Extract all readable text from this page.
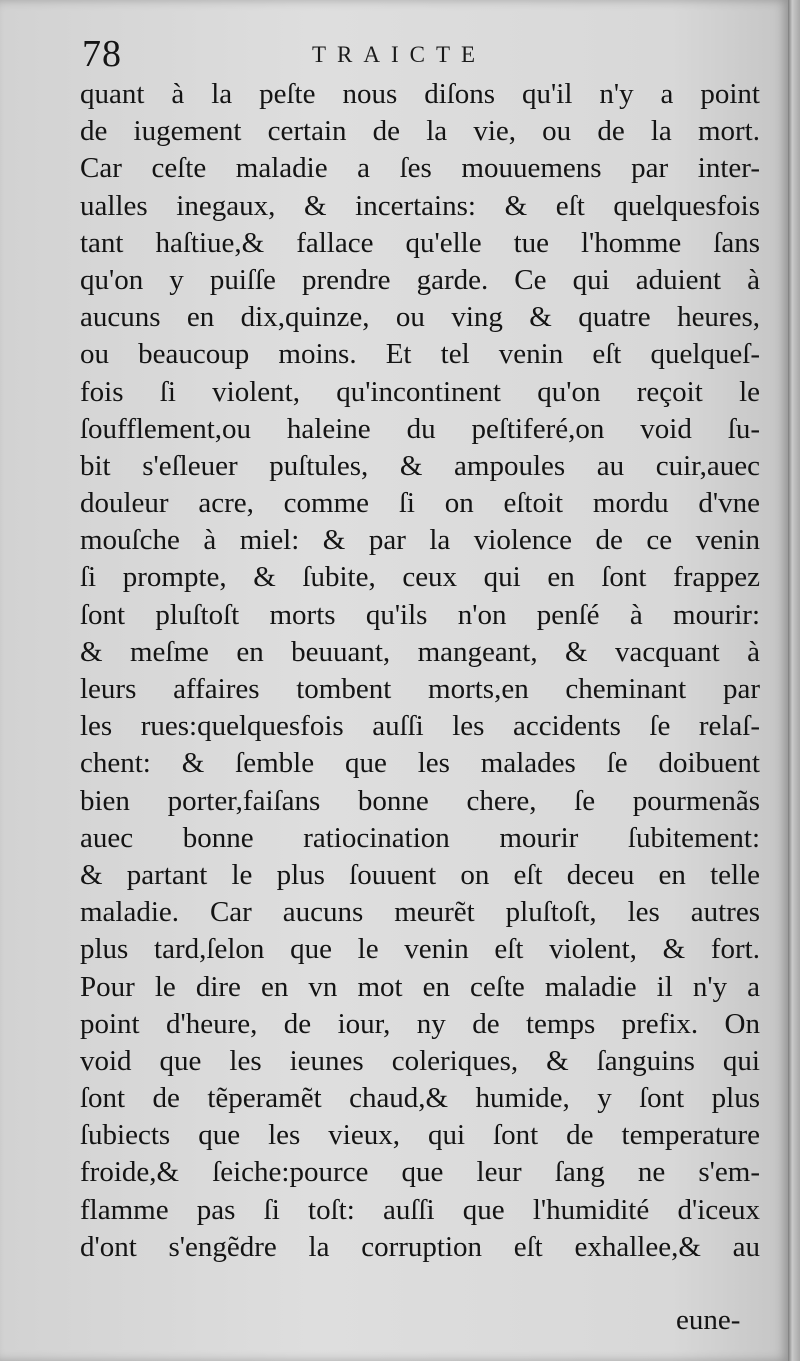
78	TRAICTE
quant à la peſte nous diſons qu'il n'y a point
de iugement certain de la vie, ou de la mort.
Car ceſte maladie a ſes mouuemens par inter-
ualles inegaux, & incertains: & eſt quelquesfois
tant haſtiue,& fallace qu'elle tue l'homme ſans
qu'on y puiſſe prendre garde. Ce qui aduient à
aucuns en dix,quinze, ou ving & quatre heures,
ou beaucoup moins. Et tel venin eſt quelqueſ-
fois ſi violent, qu'incontinent qu'on reçoit le
ſoufflement,ou haleine du peſtiferé,on void ſu-
bit s'eſleuer puſtules, & ampoules au cuir,auec
douleur acre, comme ſi on eſtoit mordu d'vne
mouſche à miel: & par la violence de ce venin
ſi prompte, & ſubite, ceux qui en ſont frappez
ſont pluſtoſt morts qu'ils n'on penſé à mourir:
& meſme en beuuant, mangeant, & vacquant à
leurs affaires tombent morts,en cheminant par
les rues:quelquesfois auſſi les accidents ſe relaſ-
chent: & ſemble que les malades ſe doibuent
bien porter,faiſans bonne chere, ſe pourmenãs
auec bonne ratiocination mourir ſubitement:
& partant le plus ſouuent on eſt deceu en telle
maladie. Car aucuns meurẽt pluſtoſt, les autres
plus tard,ſelon que le venin eſt violent, & fort.
Pour le dire en vn mot en ceſte maladie il n'y a
point d'heure, de iour, ny de temps prefix. On
void que les ieunes coleriques, & ſanguins qui
ſont de tẽperamẽt chaud,& humide, y ſont plus
ſubiects que les vieux, qui ſont de temperature
froide,& ſeiche:pource que leur ſang ne s'em-
flamme pas ſi toſt: auſſi que l'humidité d'iceux
d'ont s'engẽdre la corruption eſt exhallee,& au
eune-
